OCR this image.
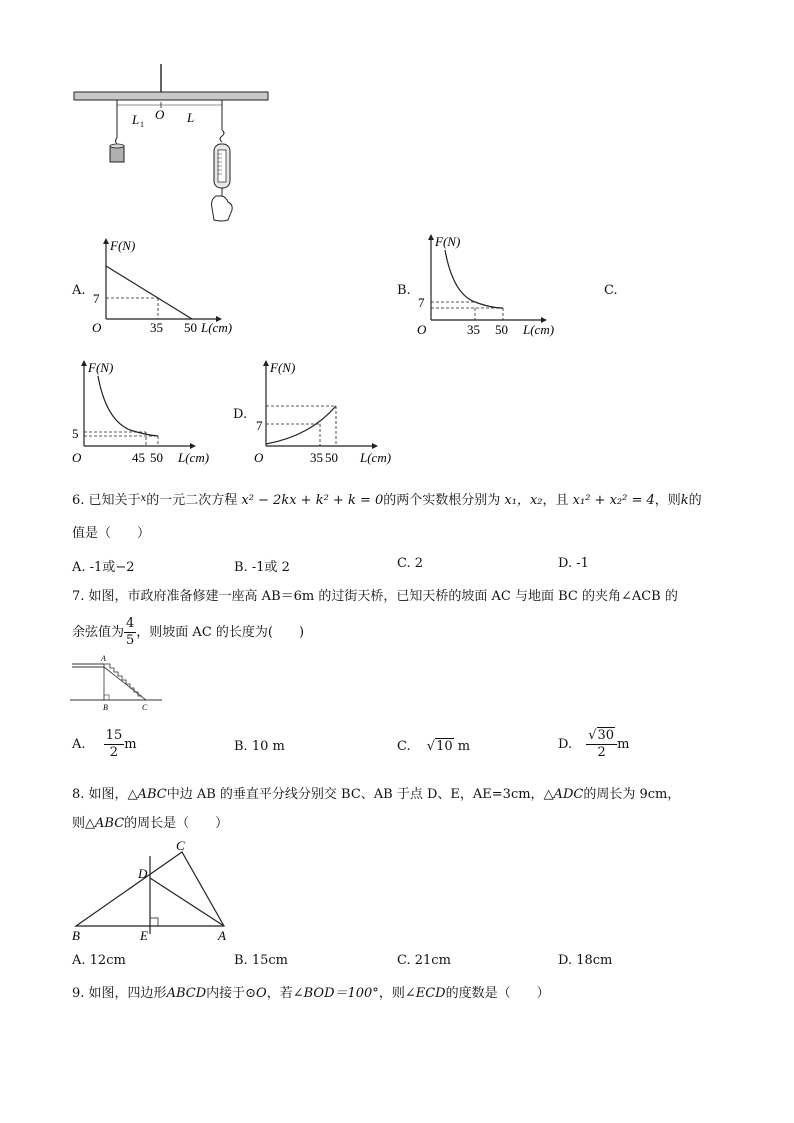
L 1
O L
A.
F(N)
7
O	35 50 L(cm)
B.
F(N)
7
O	35 50 L(cm)
C.
F(N)
5
O	45 50 L(cm)
D.
F(N)
7
O	35 50 L(cm)
6. 已知关于$^x$的一元二次方程 x² − 2kx + k² + k = 0的两个实数根分别为 x₁，x₂，且 x₁² + x₂² = 4，则k的
值是（　　）
A. -1或−2	B. -1或 2	C. 2	D. -1
7. 如图，市政府准备修建一座高 AB＝6m 的过街天桥，已知天桥的坡面 AC 与地面 BC 的夹角∠ACB 的
余弦值为 $\frac{4}{5}$ ，则坡面 AC 的长度为(　　)
A
B	C
A. $\frac{15}{2}$ m	B. 10 m	C. √10 m	D. $\frac{√30}{2}$ m
8. 如图，△ABC中边 AB 的垂直平分线分别交 BC、AB 于点 D、E，AE=3cm，△ADC的周长为 9cm，
则△ABC的周长是（　　）
C
D
B	E	A
A. 12cm	B. 15cm	C. 21cm	D. 18cm
9. 如图，四边形ABCD内接于⊙O，若∠BOD＝100°，则∠ECD的度数是（　　）
